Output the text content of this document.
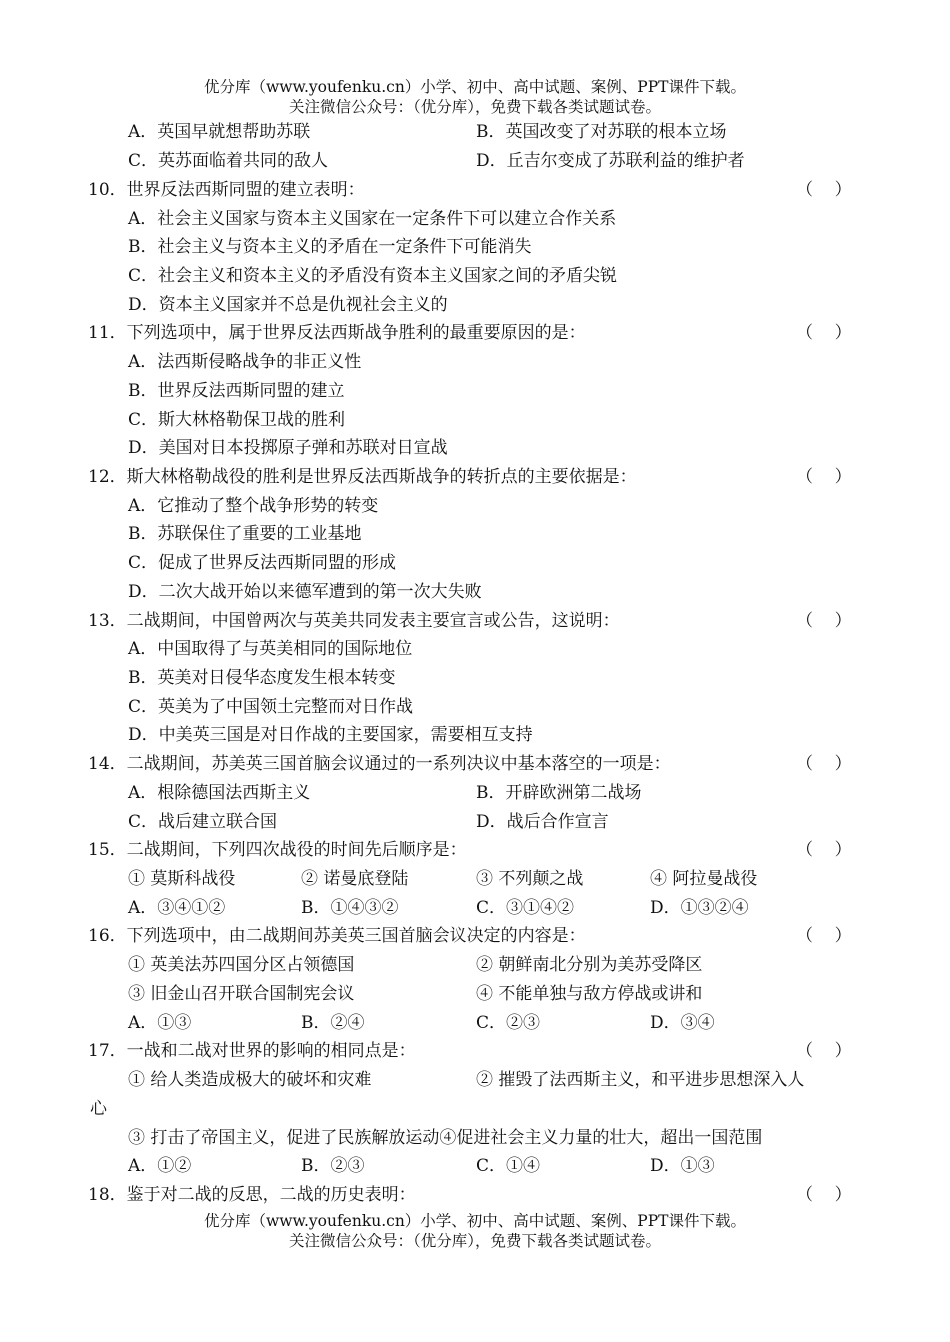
优分库（www.youfenku.cn）小学、初中、高中试题、案例、PPT课件下载。
关注微信公众号：（优分库），免费下载各类试题试卷。
A．英国早就想帮助苏联	B．英国改变了对苏联的根本立场
C．英苏面临着共同的敌人	D．丘吉尔变成了苏联利益的维护者
10．世界反法西斯同盟的建立表明：	（    ）
A．社会主义国家与资本主义国家在一定条件下可以建立合作关系
B．社会主义与资本主义的矛盾在一定条件下可能消失
C．社会主义和资本主义的矛盾没有资本主义国家之间的矛盾尖锐
D．资本主义国家并不总是仇视社会主义的
11．下列选项中，属于世界反法西斯战争胜利的最重要原因的是：	（    ）
A．法西斯侵略战争的非正义性
B．世界反法西斯同盟的建立
C．斯大林格勒保卫战的胜利
D．美国对日本投掷原子弹和苏联对日宣战
12．斯大林格勒战役的胜利是世界反法西斯战争的转折点的主要依据是：	（    ）
A．它推动了整个战争形势的转变
B．苏联保住了重要的工业基地
C．促成了世界反法西斯同盟的形成
D．二次大战开始以来德军遭到的第一次大失败
13．二战期间，中国曾两次与英美共同发表主要宣言或公告，这说明：	（    ）
A．中国取得了与英美相同的国际地位
B．英美对日侵华态度发生根本转变
C．英美为了中国领土完整而对日作战
D．中美英三国是对日作战的主要国家，需要相互支持
14．二战期间，苏美英三国首脑会议通过的一系列决议中基本落空的一项是：	（    ）
A．根除德国法西斯主义	B．开辟欧洲第二战场
C．战后建立联合国	D．战后合作宣言
15．二战期间，下列四次战役的时间先后顺序是：	（    ）
① 莫斯科战役	② 诺曼底登陆	③ 不列颠之战	④ 阿拉曼战役
A．③④①②	B．①④③②	C．③①④②	D．①③②④
16．下列选项中，由二战期间苏美英三国首脑会议决定的内容是：	（    ）
① 英美法苏四国分区占领德国	② 朝鲜南北分别为美苏受降区
③ 旧金山召开联合国制宪会议	④ 不能单独与敌方停战或讲和
A．①③	B．②④	C．②③	D．③④
17．一战和二战对世界的影响的相同点是：	（    ）
① 给人类造成极大的破坏和灾难	② 摧毁了法西斯主义，和平进步思想深入人
心
③ 打击了帝国主义，促进了民族解放运动④促进社会主义力量的壮大，超出一国范围
A．①②	B．②③	C．①④	D．①③
18．鉴于对二战的反思，二战的历史表明：	（    ）
优分库（www.youfenku.cn）小学、初中、高中试题、案例、PPT课件下载。
关注微信公众号：（优分库），免费下载各类试题试卷。
